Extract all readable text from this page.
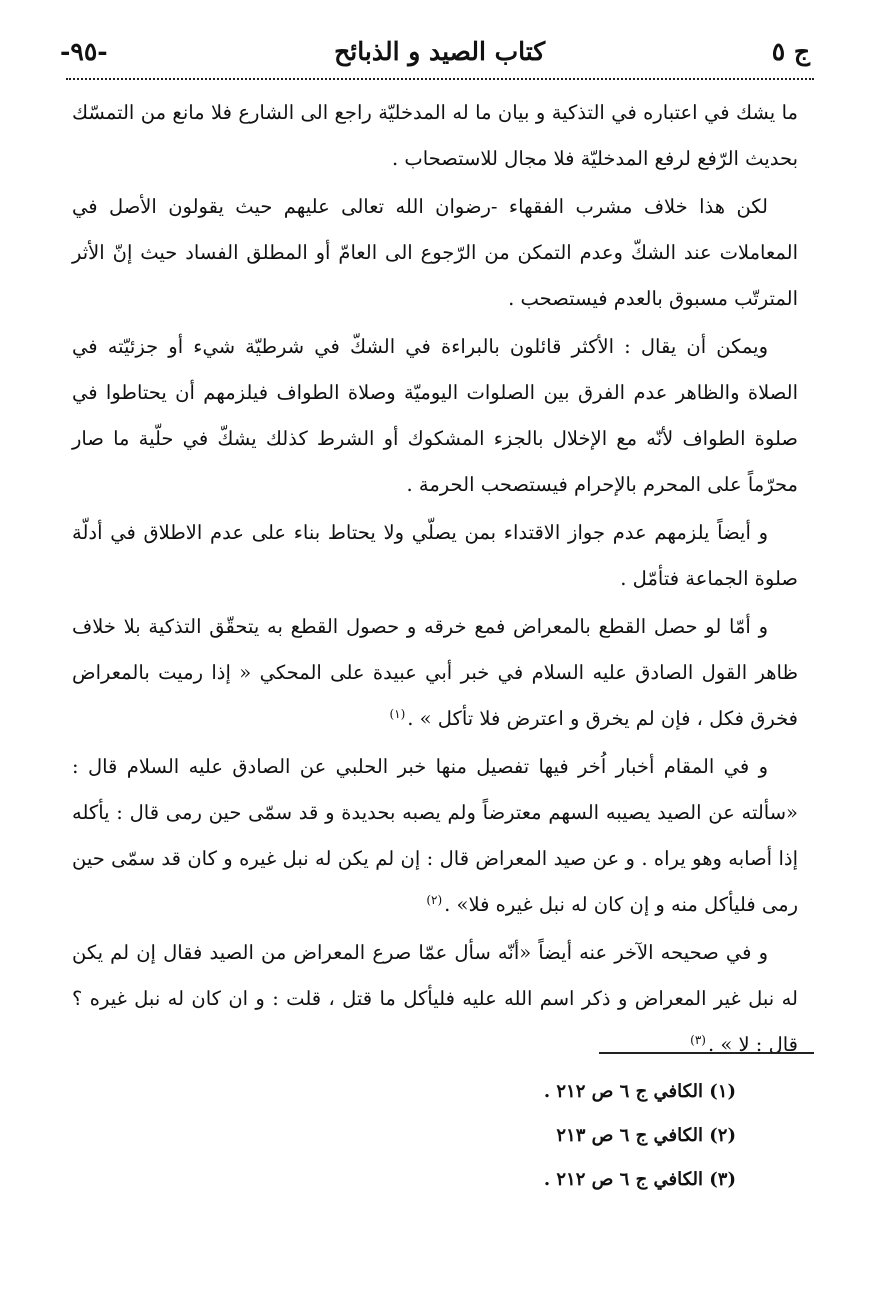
ج ٥
كتاب الصيد و الذبائح
-٩٥-

ما يشك في اعتباره في التذكية و بيان ما له المدخليّة راجع الى الشارع فلا مانع من التمسّك بحديث الرّفع لرفع المدخليّة فلا مجال للاستصحاب .

لكن هذا خلاف مشرب الفقهاء -رضوان الله تعالى عليهم حيث يقولون الأصل في المعاملات عند الشكّ وعدم التمكن من الرّجوع الى العامّ أو المطلق الفساد حيث إنّ الأثر المترتّب مسبوق بالعدم فيستصحب .

ويمكن أن يقال : الأكثر قائلون بالبراءة في الشكّ في شرطيّة شيء أو جزئيّته في الصلاة والظاهر عدم الفرق بين الصلوات اليوميّة وصلاة الطواف فيلزمهم أن يحتاطوا في صلوة الطواف لأنّه مع الإخلال بالجزء المشكوك أو الشرط كذلك يشكّ في حلّية ما صار محرّماً على المحرم بالإحرام فيستصحب الحرمة .

و أيضاً يلزمهم عدم جواز الاقتداء بمن يصلّي ولا يحتاط بناء على عدم الاطلاق في أدلّة صلوة الجماعة فتأمّل .

و أمّا لو حصل القطع بالمعراض فمع خرقه و حصول القطع به يتحقّق التذكية بلا خلاف ظاهر القول الصادق عليه السلام في خبر أبي عبيدة على المحكي « إذا رميت بالمعراض فخرق فكل ، فإن لم يخرق و اعترض فلا تأكل » .$^{(١)}$

و في المقام أخبار اُخر فيها تفصيل منها خبر الحلبي عن الصادق عليه السلام قال : «سألته عن الصيد يصيبه السهم معترضاً ولم يصبه بحديدة و قد سمّى حين رمى قال : يأكله إذا أصابه وهو يراه . و عن صيد المعراض قال : إن لم يكن له نبل غيره و كان قد سمّى حين رمى فليأكل منه و إن كان له نبل غيره فلا» .$^{(٢)}$

و في صحيحه الآخر عنه أيضاً «أنّه سأل عمّا صرع المعراض من الصيد فقال إن لم يكن له نبل غير المعراض و ذكر اسم الله عليه فليأكل ما قتل ، قلت : و ان كان له نبل غيره ؟ قال : لا » .$^{(٣)}$

(١) الكافي ج ٦ ص ٢١٢ .
(٢) الكافي ج ٦ ص ٢١٣
(٣) الكافي ج ٦ ص ٢١٢ .
